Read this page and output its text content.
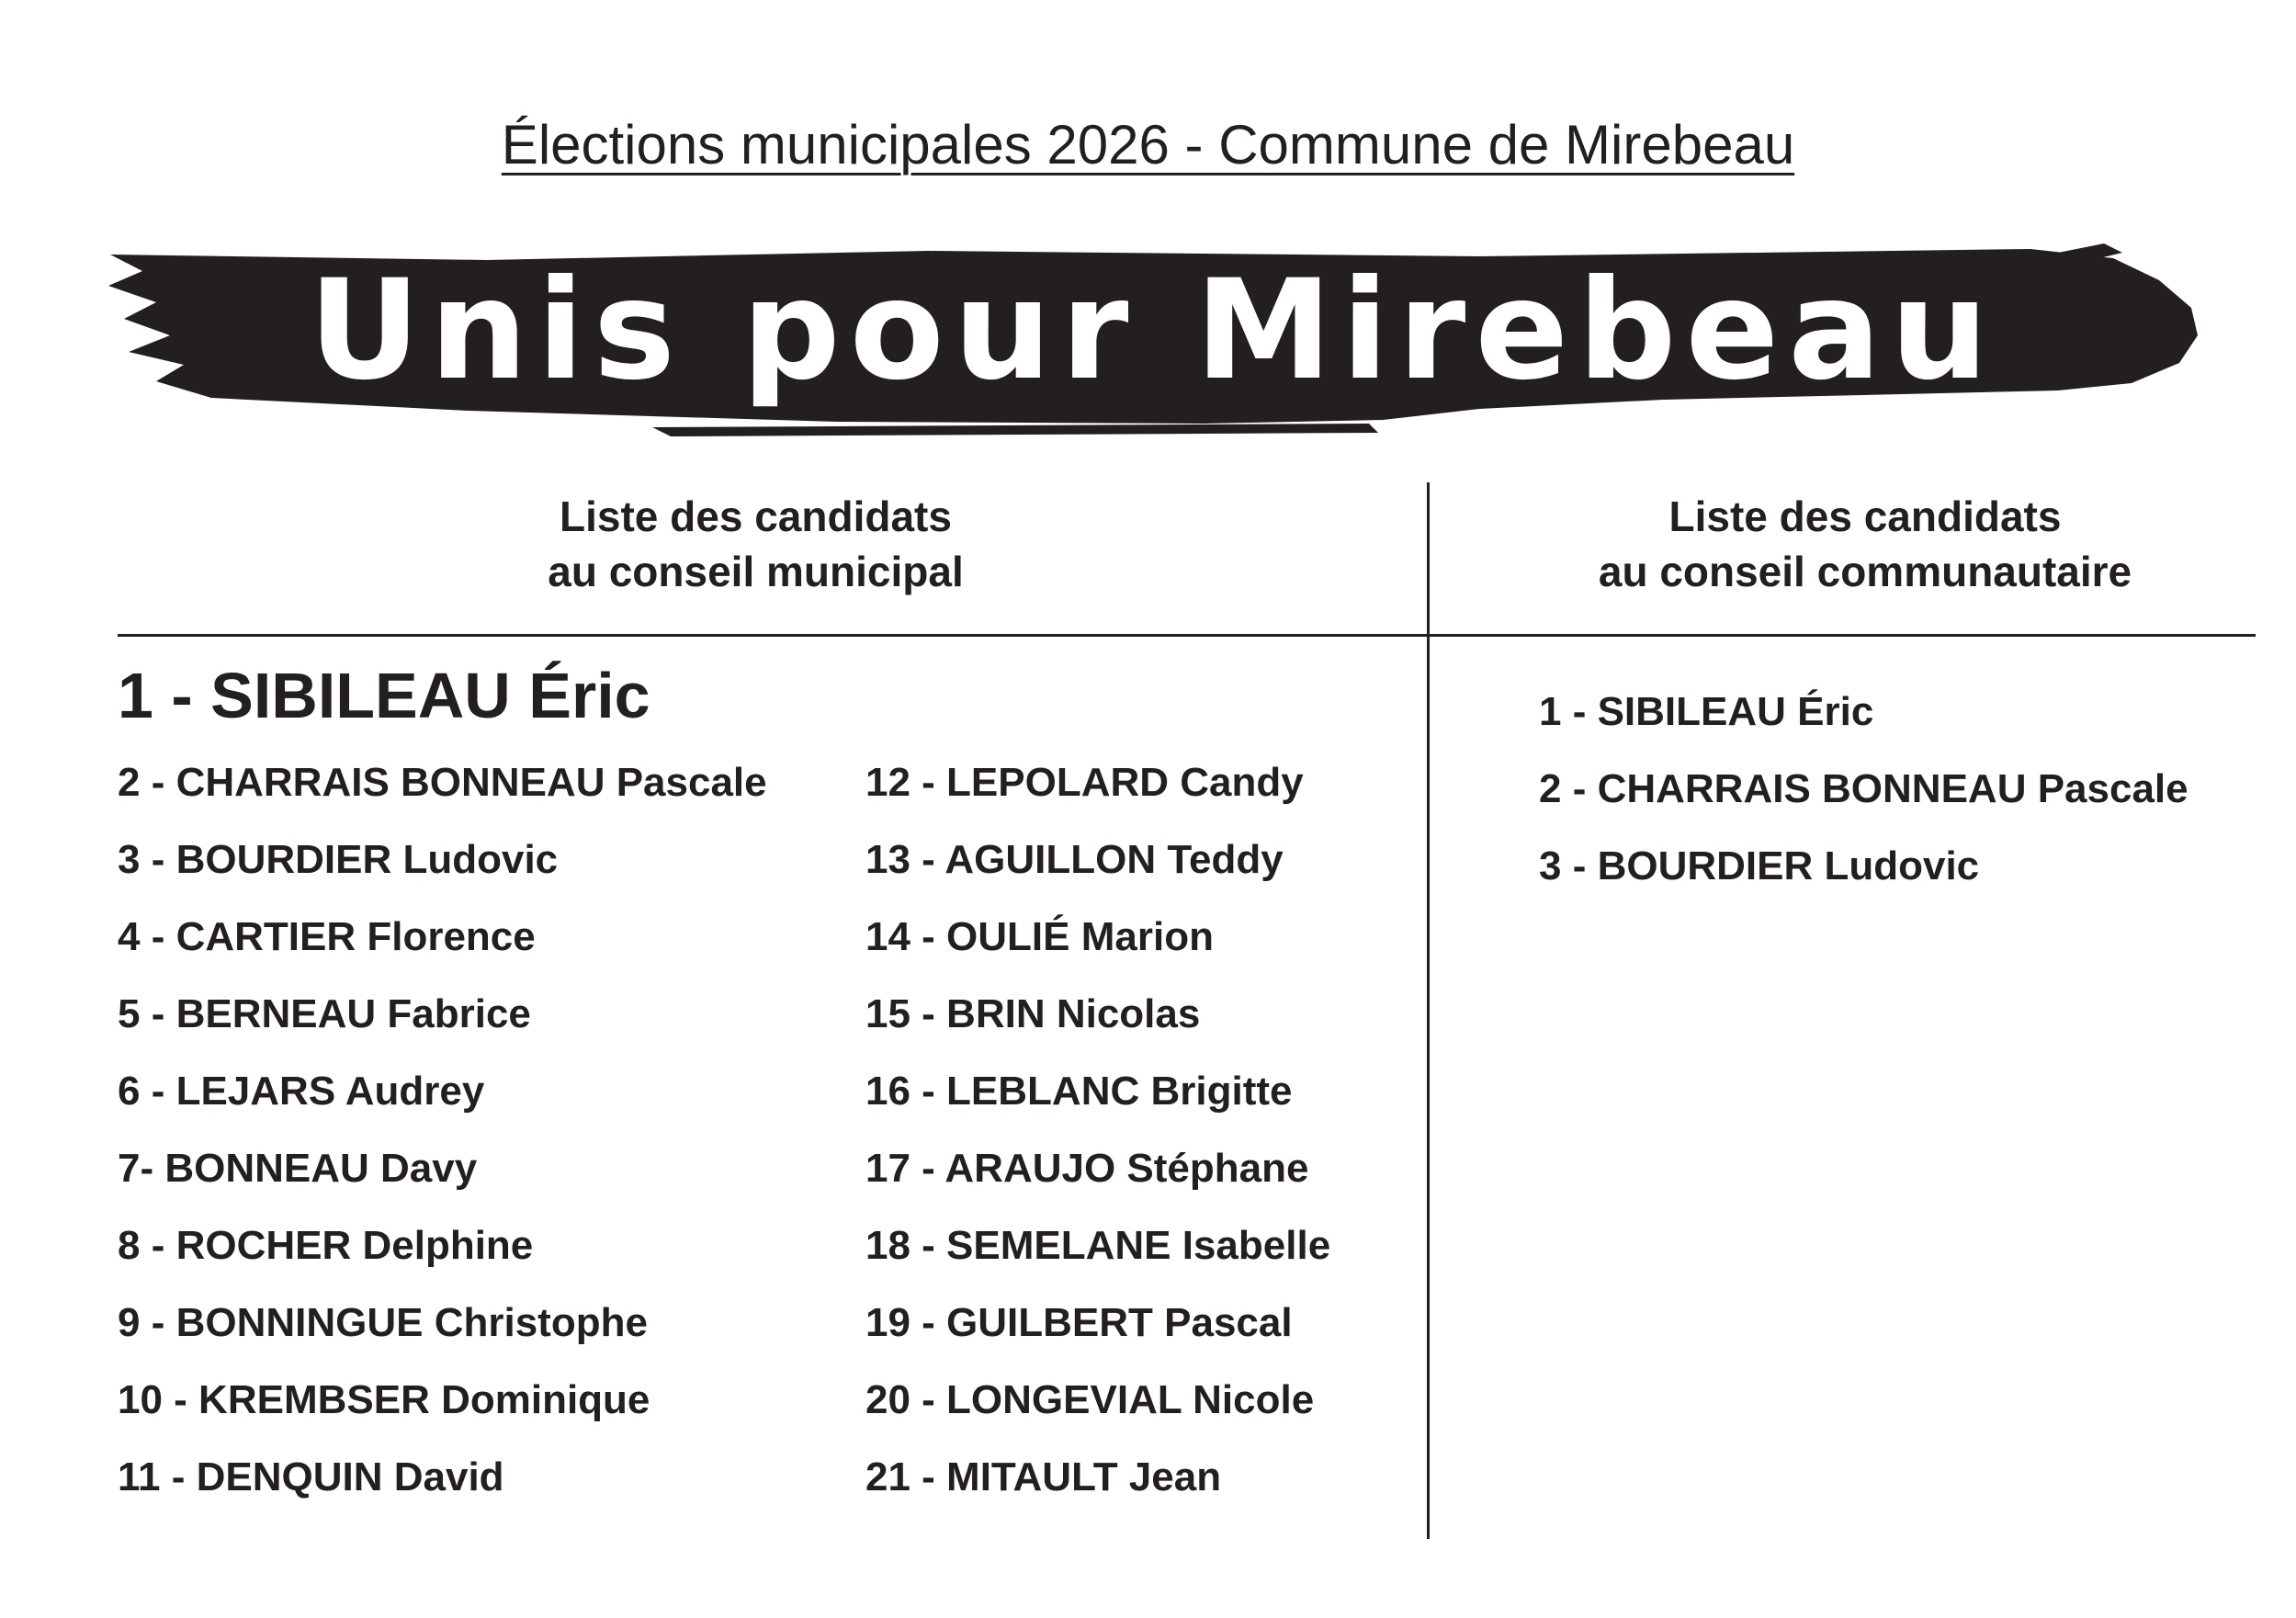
Élections municipales 2026 - Commune de Mirebeau
Unis pour Mirebeau
Liste des candidats
au conseil municipal
Liste des candidats
au conseil communautaire
1 - SIBILEAU Éric
2 - CHARRAIS BONNEAU Pascale
3 - BOURDIER Ludovic
4 - CARTIER Florence
5 - BERNEAU Fabrice
6 - LEJARS Audrey
7- BONNEAU Davy
8 - ROCHER Delphine
9 - BONNINGUE Christophe
10 - KREMBSER Dominique
11 - DENQUIN David
12 - LEPOLARD Candy
13 - AGUILLON Teddy
14 - OULIÉ Marion
15 - BRIN Nicolas
16 - LEBLANC Brigitte
17 - ARAUJO Stéphane
18 - SEMELANE Isabelle
19 - GUILBERT Pascal
20 - LONGEVIAL Nicole
21 - MITAULT Jean
1 - SIBILEAU Éric
2 - CHARRAIS BONNEAU Pascale
3 - BOURDIER Ludovic
